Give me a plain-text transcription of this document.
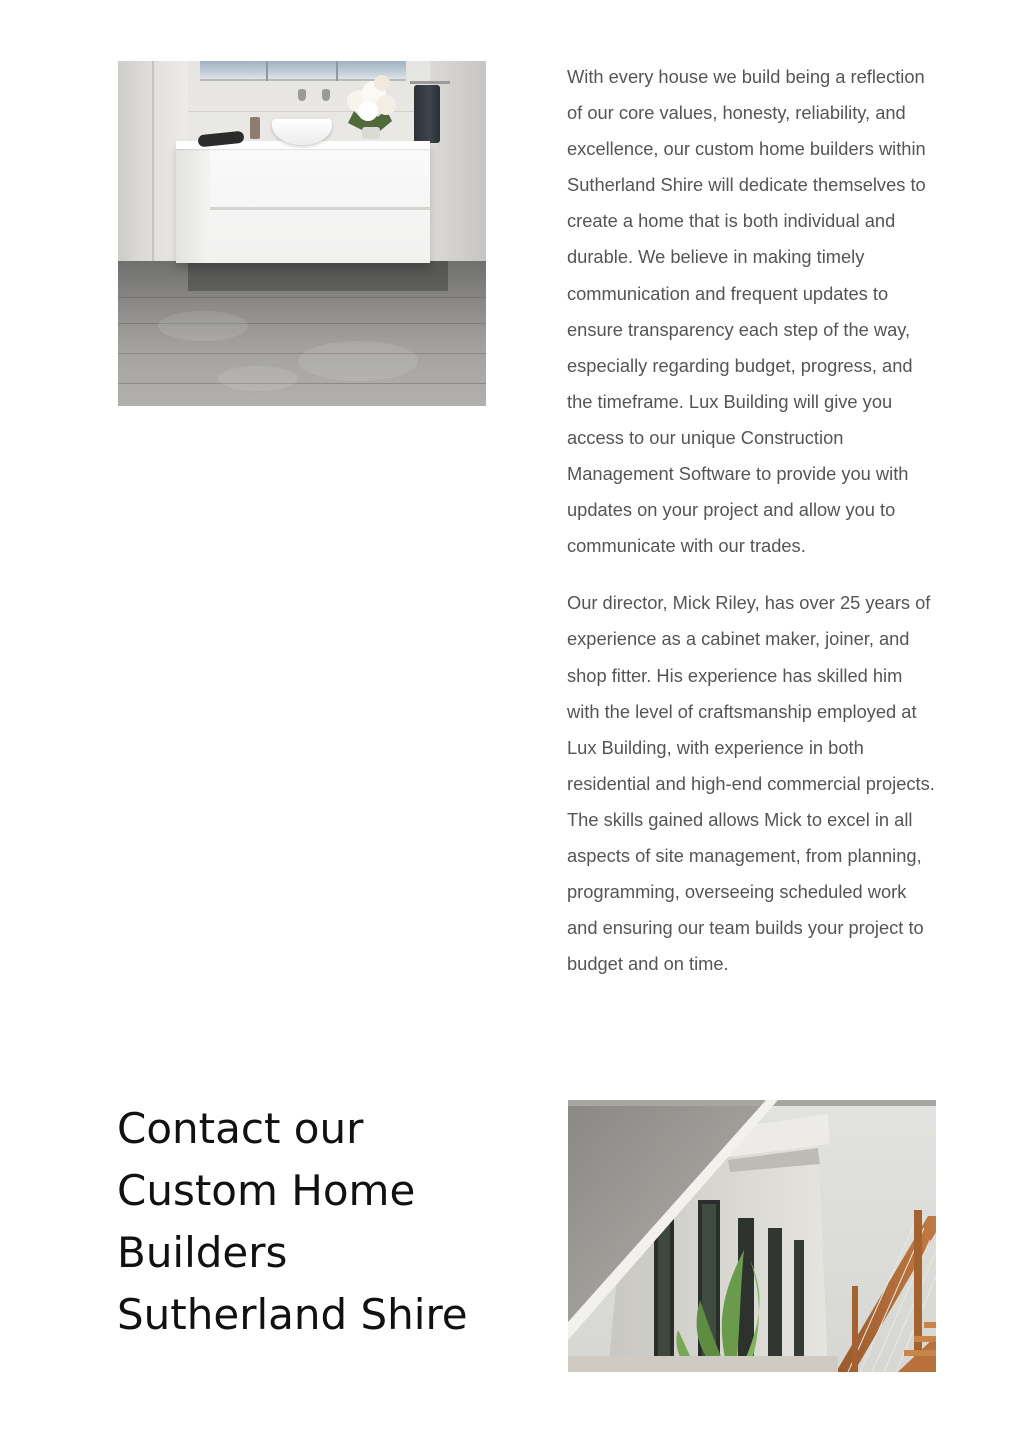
With every house we build being a reflection of our core values, honesty, reliability, and excellence, our custom home builders within Sutherland Shire will dedicate themselves to create a home that is both individual and durable. We believe in making timely communication and frequent updates to ensure transparency each step of the way, especially regarding budget, progress, and the timeframe. Lux Building will give you access to our unique Construction Management Software to provide you with updates on your project and allow you to communicate with our trades.

Our director, Mick Riley, has over 25 years of experience as a cabinet maker, joiner, and shop fitter. His experience has skilled him with the level of craftsmanship employed at Lux Building, with experience in both residential and high-end commercial projects. The skills gained allows Mick to excel in all aspects of site management, from planning, programming, overseeing scheduled work and ensuring our team builds your project to budget and on time.

Contact our Custom Home Builders Sutherland Shire
